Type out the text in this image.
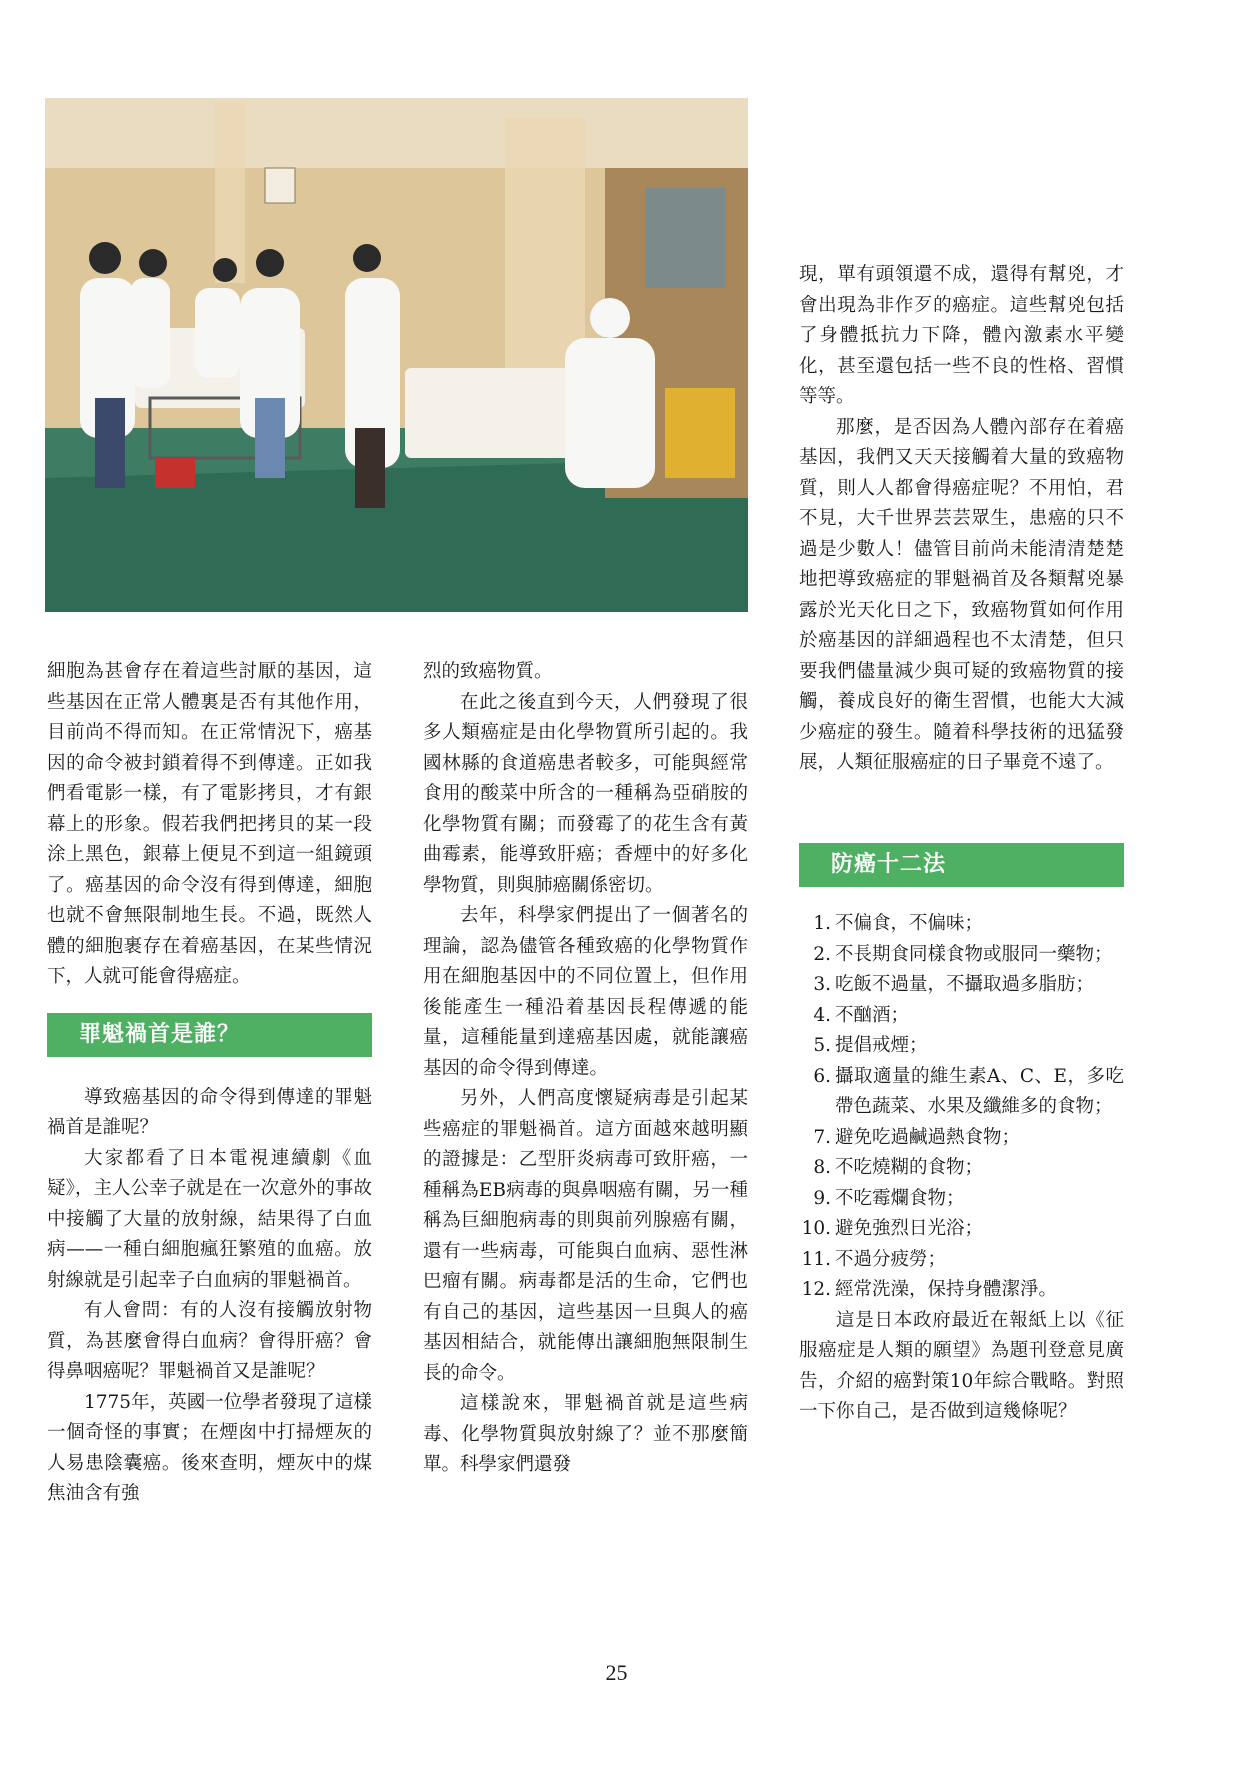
細胞為甚會存在着這些討厭的基因，這些基因在正常人體裏是否有其他作用，目前尚不得而知。在正常情況下，癌基因的命令被封鎖着得不到傳達。正如我們看電影一樣，有了電影拷貝，才有銀幕上的形象。假若我們把拷貝的某一段涂上黑色，銀幕上便見不到這一組鏡頭了。癌基因的命令沒有得到傳達，細胞也就不會無限制地生長。不過，既然人體的細胞裹存在着癌基因，在某些情況下，人就可能會得癌症。

罪魁禍首是誰？

導致癌基因的命令得到傳達的罪魁禍首是誰呢？

大家都看了日本電視連續劇《血疑》，主人公幸子就是在一次意外的事故中接觸了大量的放射線，結果得了白血病——一種白細胞瘋狂繁殖的血癌。放射線就是引起幸子白血病的罪魁禍首。

有人會問：有的人沒有接觸放射物質，為甚麼會得白血病？會得肝癌？會得鼻咽癌呢？罪魁禍首又是誰呢？

1775年，英國一位學者發現了這樣一個奇怪的事實；在煙囱中打掃煙灰的人易患陰囊癌。後來查明，煙灰中的煤焦油含有強

烈的致癌物質。

在此之後直到今天，人們發現了很多人類癌症是由化學物質所引起的。我國林縣的食道癌患者較多，可能與經常食用的酸菜中所含的一種稱為亞硝胺的化學物質有關；而發霉了的花生含有黃曲霉素，能導致肝癌；香煙中的好多化學物質，則與肺癌關係密切。

去年，科學家們提出了一個著名的理論，認為儘管各種致癌的化學物質作用在細胞基因中的不同位置上，但作用後能產生一種沿着基因長程傳遞的能量，這種能量到達癌基因處，就能讓癌基因的命令得到傳達。

另外，人們高度懷疑病毒是引起某些癌症的罪魁禍首。這方面越來越明顯的證據是：乙型肝炎病毒可致肝癌，一種稱為EB病毒的與鼻咽癌有關，另一種稱為巨細胞病毒的則與前列腺癌有關，還有一些病毒，可能與白血病、惡性淋巴瘤有關。病毒都是活的生命，它們也有自己的基因，這些基因一旦與人的癌基因相結合，就能傳出讓細胞無限制生長的命令。

這樣說來，罪魁禍首就是這些病毒、化學物質與放射線了？並不那麼簡單。科學家們還發

現，單有頭領還不成，還得有幫兇，才會出現為非作歹的癌症。這些幫兇包括了身體抵抗力下降，體內激素水平變化，甚至還包括一些不良的性格、習慣等等。

那麼，是否因為人體內部存在着癌基因，我們又天天接觸着大量的致癌物質，則人人都會得癌症呢？不用怕，君不見，大千世界芸芸眾生，患癌的只不過是少數人！儘管目前尚未能清清楚楚地把導致癌症的罪魁禍首及各類幫兇暴露於光天化日之下，致癌物質如何作用於癌基因的詳細過程也不太清楚，但只要我們儘量減少與可疑的致癌物質的接觸，養成良好的衛生習慣，也能大大減少癌症的發生。隨着科學技術的迅猛發展，人類征服癌症的日子畢竟不遠了。

防癌十二法
1. 不偏食，不偏味；
2. 不長期食同樣食物或服同一藥物；
3. 吃飯不過量，不攝取過多脂肪；
4. 不酗酒；
5. 提倡戒煙；
6. 攝取適量的維生素A、C、E，多吃帶色蔬菜、水果及纖維多的食物；
7. 避免吃過鹹過熱食物；
8. 不吃燒糊的食物；
9. 不吃霉爛食物；
10. 避免強烈日光浴；
11. 不過分疲勞；
12. 經常洗澡，保持身體潔淨。

這是日本政府最近在報紙上以《征服癌症是人類的願望》為題刊登意見廣告，介紹的癌對策10年綜合戰略。對照一下你自己，是否做到這幾條呢？

25
